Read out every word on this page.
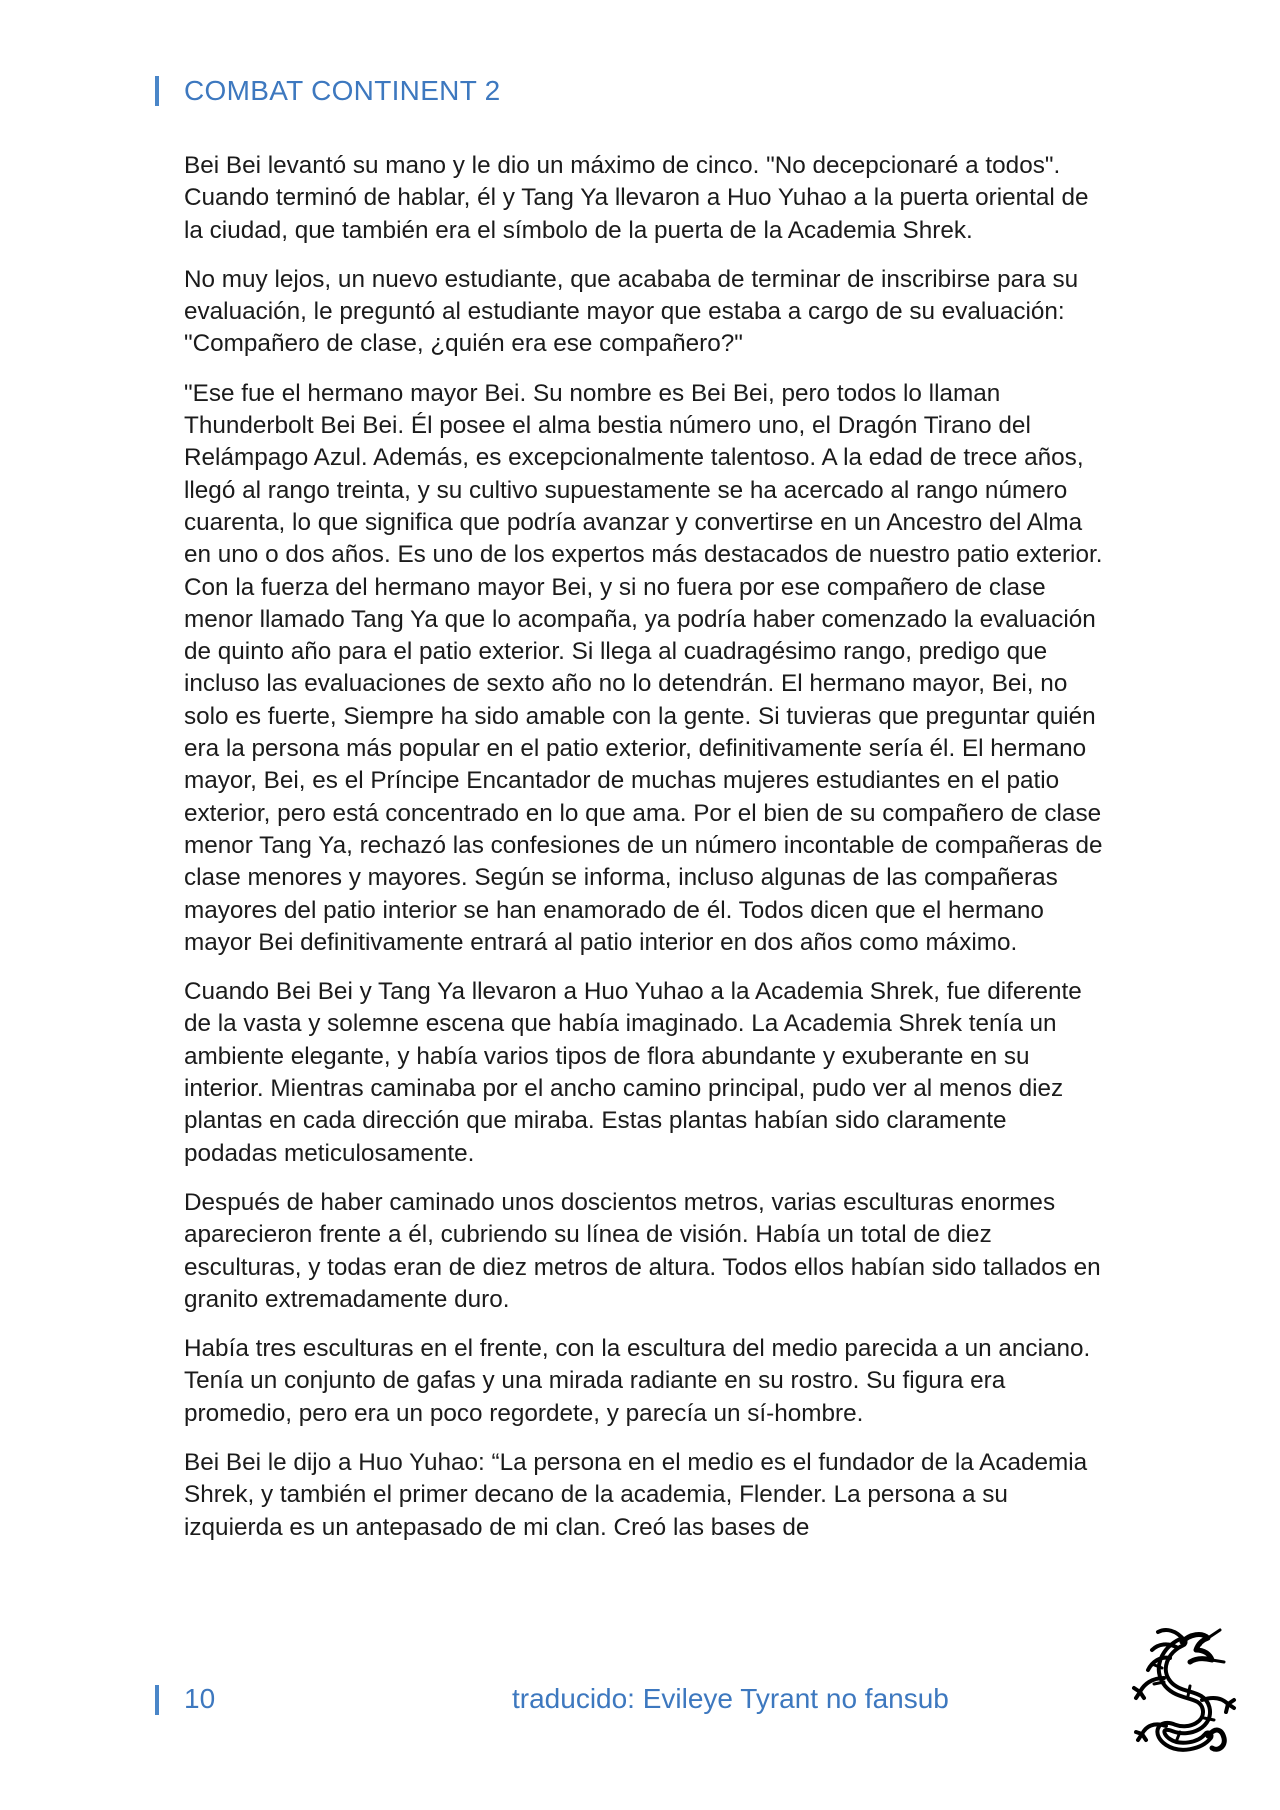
COMBAT CONTINENT 2

Bei Bei levantó su mano y le dio un máximo de cinco. "No decepcionaré a todos". Cuando terminó de hablar, él y Tang Ya llevaron a Huo Yuhao a la puerta oriental de la ciudad, que también era el símbolo de la puerta de la Academia Shrek.

No muy lejos, un nuevo estudiante, que acababa de terminar de inscribirse para su evaluación, le preguntó al estudiante mayor que estaba a cargo de su evaluación: "Compañero de clase, ¿quién era ese compañero?"

"Ese fue el hermano mayor Bei. Su nombre es Bei Bei, pero todos lo llaman Thunderbolt Bei Bei. Él posee el alma bestia número uno, el Dragón Tirano del Relámpago Azul. Además, es excepcionalmente talentoso. A la edad de trece años, llegó al rango treinta, y su cultivo supuestamente se ha acercado al rango número cuarenta, lo que significa que podría avanzar y convertirse en un Ancestro del Alma en uno o dos años. Es uno de los expertos más destacados de nuestro patio exterior. Con la fuerza del hermano mayor Bei, y si no fuera por ese compañero de clase menor llamado Tang Ya que lo acompaña, ya podría haber comenzado la evaluación de quinto año para el patio exterior. Si llega al cuadragésimo rango, predigo que incluso las evaluaciones de sexto año no lo detendrán. El hermano mayor, Bei, no solo es fuerte, Siempre ha sido amable con la gente. Si tuvieras que preguntar quién era la persona más popular en el patio exterior, definitivamente sería él. El hermano mayor, Bei, es el Príncipe Encantador de muchas mujeres estudiantes en el patio exterior, pero está concentrado en lo que ama. Por el bien de su compañero de clase menor Tang Ya, rechazó las confesiones de un número incontable de compañeras de clase menores y mayores. Según se informa, incluso algunas de las compañeras mayores del patio interior se han enamorado de él. Todos dicen que el hermano mayor Bei definitivamente entrará al patio interior en dos años como máximo.

Cuando Bei Bei y Tang Ya llevaron a Huo Yuhao a la Academia Shrek, fue diferente de la vasta y solemne escena que había imaginado. La Academia Shrek tenía un ambiente elegante, y había varios tipos de flora abundante y exuberante en su interior. Mientras caminaba por el ancho camino principal, pudo ver al menos diez plantas en cada dirección que miraba. Estas plantas habían sido claramente podadas meticulosamente.

Después de haber caminado unos doscientos metros, varias esculturas enormes aparecieron frente a él, cubriendo su línea de visión. Había un total de diez esculturas, y todas eran de diez metros de altura. Todos ellos habían sido tallados en granito extremadamente duro.

Había tres esculturas en el frente, con la escultura del medio parecida a un anciano. Tenía un conjunto de gafas y una mirada radiante en su rostro. Su figura era promedio, pero era un poco regordete, y parecía un sí-hombre.

Bei Bei le dijo a Huo Yuhao: “La persona en el medio es el fundador de la Academia Shrek, y también el primer decano de la academia, Flender. La persona a su izquierda es un antepasado de mi clan. Creó las bases de

10	traducido: Evileye Tyrant no fansub
